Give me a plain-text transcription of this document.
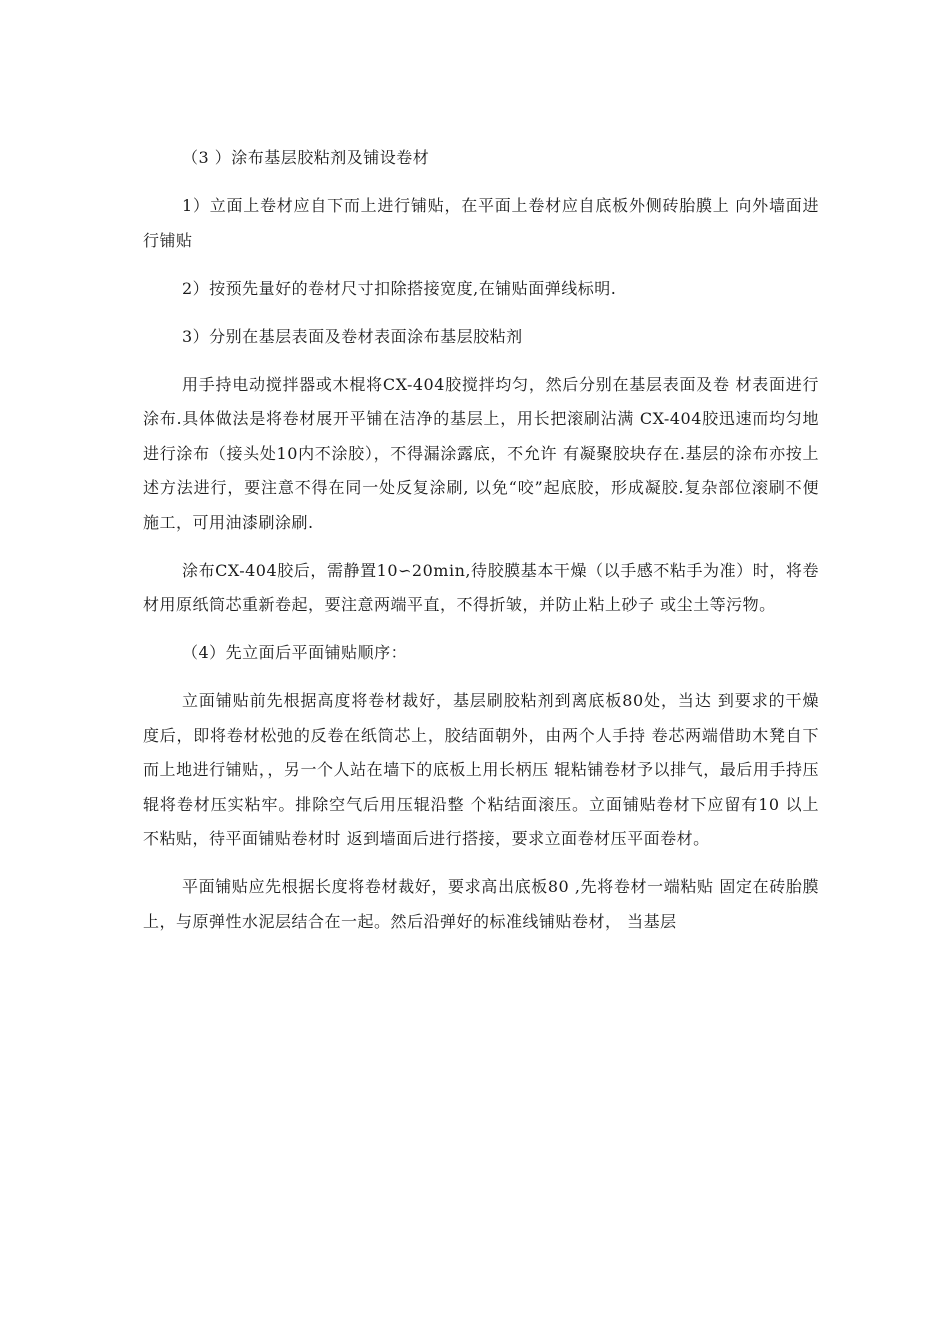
（3 ）涂布基层胶粘剂及铺设卷材

1）立面上卷材应自下而上进行铺贴，在平面上卷材应自底板外侧砖胎膜上 向外墙面进行铺贴

2）按预先量好的卷材尺寸扣除搭接宽度,在铺贴面弹线标明.

3）分别在基层表面及卷材表面涂布基层胶粘剂

用手持电动搅拌器或木棍将CX-404胶搅拌均匀，然后分别在基层表面及卷 材表面进行涂布.具体做法是将卷材展开平铺在洁净的基层上，用长把滚刷沾满 CX-404胶迅速而均匀地进行涂布（接头处10内不涂胶），不得漏涂露底，不允许 有凝聚胶块存在.基层的涂布亦按上述方法进行，要注意不得在同一处反复涂刷, 以免“咬”起底胶，形成凝胶.复杂部位滚刷不便施工，可用油漆刷涂刷.

涂布CX-404胶后，需静置10∽20min,待胶膜基本干燥（以手感不粘手为准）时，将卷材用原纸筒芯重新卷起，要注意两端平直，不得折皱，并防止粘上砂子 或尘土等污物。

（4）先立面后平面铺贴顺序：

立面铺贴前先根据高度将卷材裁好，基层刷胶粘剂到离底板80处，当达 到要求的干燥度后，即将卷材松弛的反卷在纸筒芯上，胶结面朝外，由两个人手持 卷芯两端借助木凳自下而上地进行铺贴，，另一个人站在墙下的底板上用长柄压 辊粘铺卷材予以排气，最后用手持压辊将卷材压实粘牢。排除空气后用压辊沿整 个粘结面滚压。立面铺贴卷材下应留有10 以上不粘贴，待平面铺贴卷材时 返到墙面后进行搭接，要求立面卷材压平面卷材。

平面铺贴应先根据长度将卷材裁好，要求高出底板80 ,先将卷材一端粘贴 固定在砖胎膜上，与原弹性水泥层结合在一起。然后沿弹好的标准线铺贴卷材， 当基层
